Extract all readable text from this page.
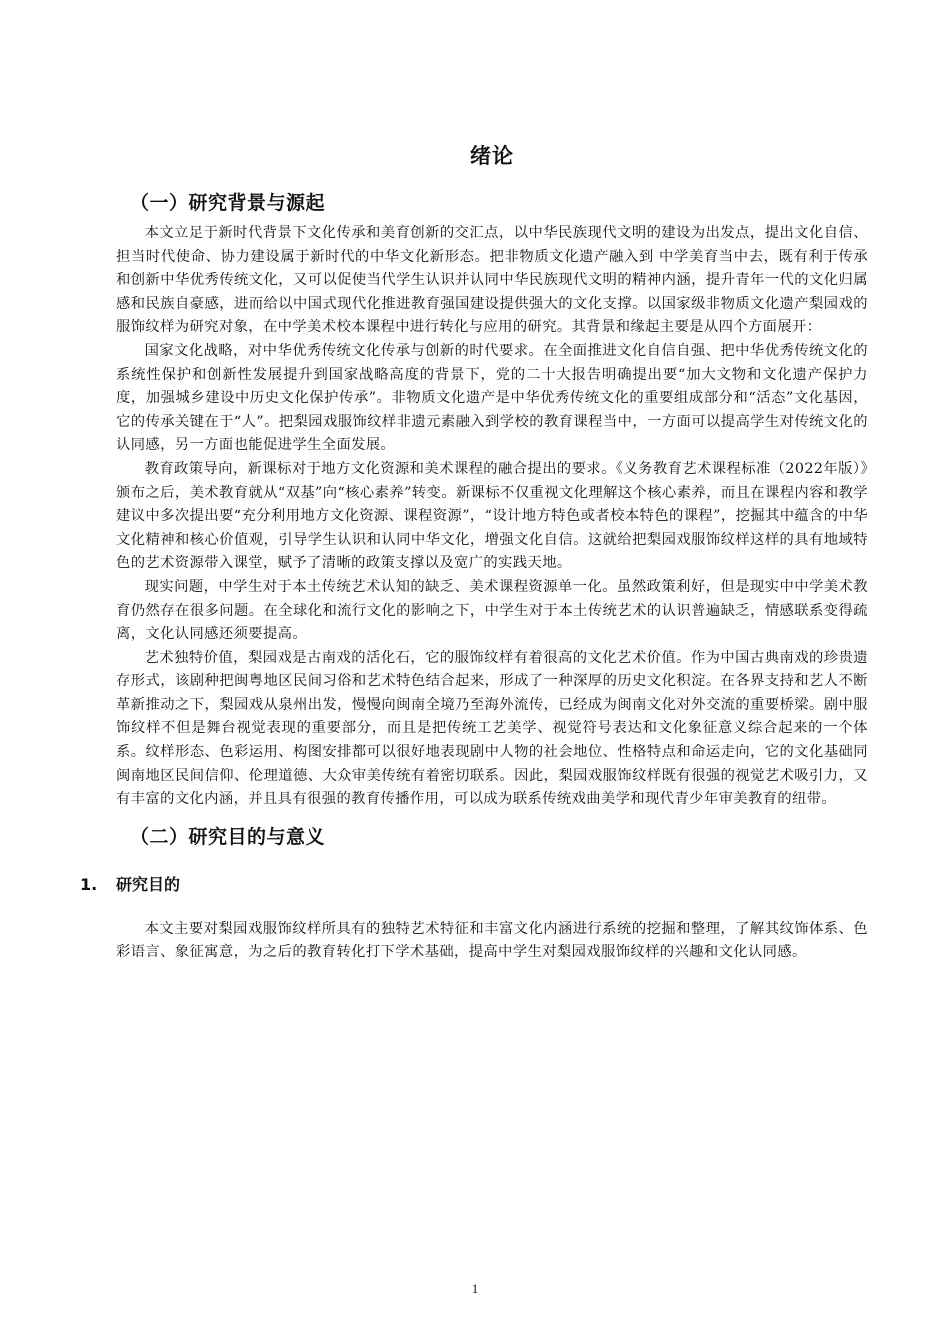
绪论
（一）研究背景与源起

本文立足于新时代背景下文化传承和美育创新的交汇点，以中华民族现代文明的建设为出发点，提出文化自信、担当时代使命、协力建设属于新时代的中华文化新形态。把非物质文化遗产融入到 中学美育当中去，既有利于传承和创新中华优秀传统文化，又可以促使当代学生认识并认同中华民族现代文明的精神内涵，提升青年一代的文化归属感和民族自豪感，进而给以中国式现代化推进教育强国建设提供强大的文化支撑。以国家级非物质文化遗产梨园戏的服饰纹样为研究对象，在中学美术校本课程中进行转化与应用的研究。其背景和缘起主要是从四个方面展开：

国家文化战略，对中华优秀传统文化传承与创新的时代要求。在全面推进文化自信自强、把中华优秀传统文化的系统性保护和创新性发展提升到国家战略高度的背景下，党的二十大报告明确提出要“加大文物和文化遗产保护力度，加强城乡建设中历史文化保护传承”。非物质文化遗产是中华优秀传统文化的重要组成部分和“活态”文化基因，它的传承关键在于“人”。把梨园戏服饰纹样非遗元素融入到学校的教育课程当中，一方面可以提高学生对传统文化的认同感，另一方面也能促进学生全面发展。

教育政策导向，新课标对于地方文化资源和美术课程的融合提出的要求。《义务教育艺术课程标准（2022年版）》颁布之后，美术教育就从“双基”向“核心素养”转变。新课标不仅重视文化理解这个核心素养，而且在课程内容和教学建议中多次提出要“充分利用地方文化资源、课程资源”，“设计地方特色或者校本特色的课程”，挖掘其中蕴含的中华文化精神和核心价值观，引导学生认识和认同中华文化，增强文化自信。这就给把梨园戏服饰纹样这样的具有地域特色的艺术资源带入课堂，赋予了清晰的政策支撑以及宽广的实践天地。

现实问题，中学生对于本土传统艺术认知的缺乏、美术课程资源单一化。虽然政策利好，但是现实中中学美术教育仍然存在很多问题。在全球化和流行文化的影响之下，中学生对于本土传统艺术的认识普遍缺乏，情感联系变得疏离，文化认同感还须要提高。

艺术独特价值，梨园戏是古南戏的活化石，它的服饰纹样有着很高的文化艺术价值。作为中国古典南戏的珍贵遗存形式，该剧种把闽粤地区民间习俗和艺术特色结合起来，形成了一种深厚的历史文化积淀。在各界支持和艺人不断革新推动之下，梨园戏从泉州出发，慢慢向闽南全境乃至海外流传，已经成为闽南文化对外交流的重要桥梁。剧中服饰纹样不但是舞台视觉表现的重要部分，而且是把传统工艺美学、视觉符号表达和文化象征意义综合起来的一个体系。纹样形态、色彩运用、构图安排都可以很好地表现剧中人物的社会地位、性格特点和命运走向，它的文化基础同闽南地区民间信仰、伦理道德、大众审美传统有着密切联系。因此，梨园戏服饰纹样既有很强的视觉艺术吸引力，又有丰富的文化内涵，并且具有很强的教育传播作用，可以成为联系传统戏曲美学和现代青少年审美教育的纽带。

（二）研究目的与意义
1. 研究目的

本文主要对梨园戏服饰纹样所具有的独特艺术特征和丰富文化内涵进行系统的挖掘和整理，了解其纹饰体系、色彩语言、象征寓意，为之后的教育转化打下学术基础，提高中学生对梨园戏服饰纹样的兴趣和文化认同感。

1
